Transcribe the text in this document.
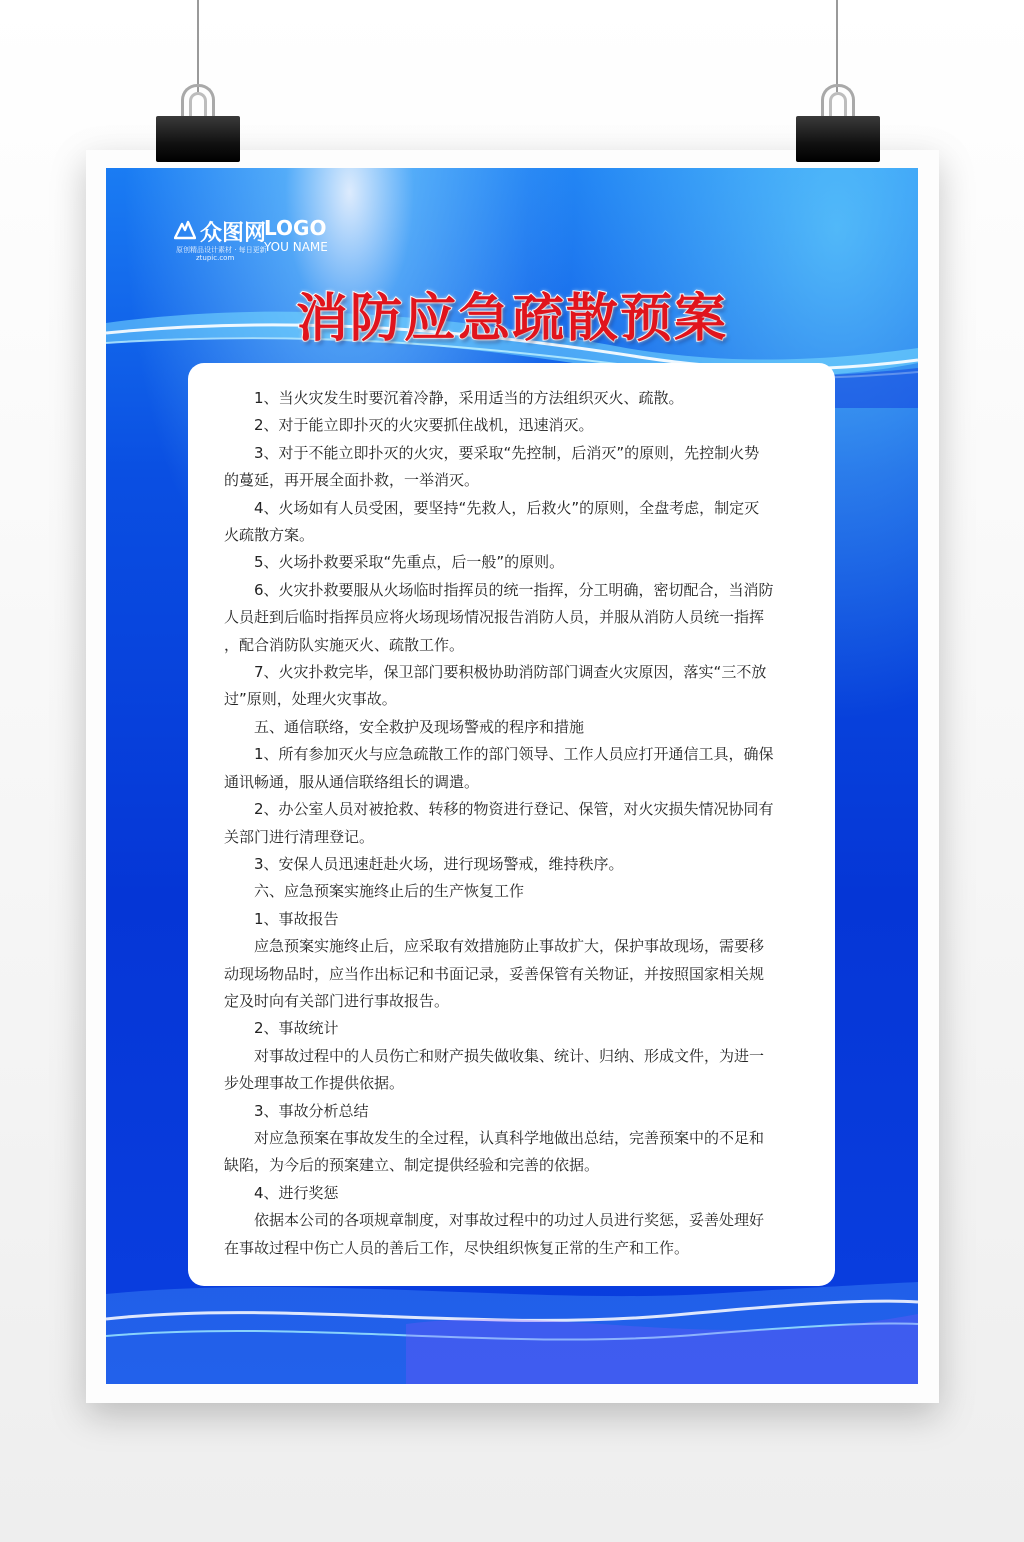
众图网
原创精品设计素材 · 每日更新
ztupic.com
LOGO
YOU NAME
消防应急疏散预案
1、当火灾发生时要沉着冷静，采用适当的方法组织灭火、疏散。
2、对于能立即扑灭的火灾要抓住战机，迅速消灭。
3、对于不能立即扑灭的火灾，要采取“先控制，后消灭”的原则，先控制火势
的蔓延，再开展全面扑救，一举消灭。
4、火场如有人员受困，要坚持“先救人，后救火”的原则，全盘考虑，制定灭
火疏散方案。
5、火场扑救要采取“先重点，后一般”的原则。
6、火灾扑救要服从火场临时指挥员的统一指挥，分工明确，密切配合，当消防
人员赶到后临时指挥员应将火场现场情况报告消防人员，并服从消防人员统一指挥
，配合消防队实施灭火、疏散工作。
7、火灾扑救完毕，保卫部门要积极协助消防部门调查火灾原因，落实“三不放
过”原则，处理火灾事故。
五、通信联络，安全救护及现场警戒的程序和措施
1、所有参加灭火与应急疏散工作的部门领导、工作人员应打开通信工具，确保
通讯畅通，服从通信联络组长的调遣。
2、办公室人员对被抢救、转移的物资进行登记、保管，对火灾损失情况协同有
关部门进行清理登记。
3、安保人员迅速赶赴火场，进行现场警戒，维持秩序。
六、应急预案实施终止后的生产恢复工作
1、事故报告
应急预案实施终止后，应采取有效措施防止事故扩大，保护事故现场，需要移
动现场物品时，应当作出标记和书面记录，妥善保管有关物证，并按照国家相关规
定及时向有关部门进行事故报告。
2、事故统计
对事故过程中的人员伤亡和财产损失做收集、统计、归纳、形成文件，为进一
步处理事故工作提供依据。
3、事故分析总结
对应急预案在事故发生的全过程，认真科学地做出总结，完善预案中的不足和
缺陷，为今后的预案建立、制定提供经验和完善的依据。
4、进行奖惩
依据本公司的各项规章制度，对事故过程中的功过人员进行奖惩，妥善处理好
在事故过程中伤亡人员的善后工作，尽快组织恢复正常的生产和工作。
